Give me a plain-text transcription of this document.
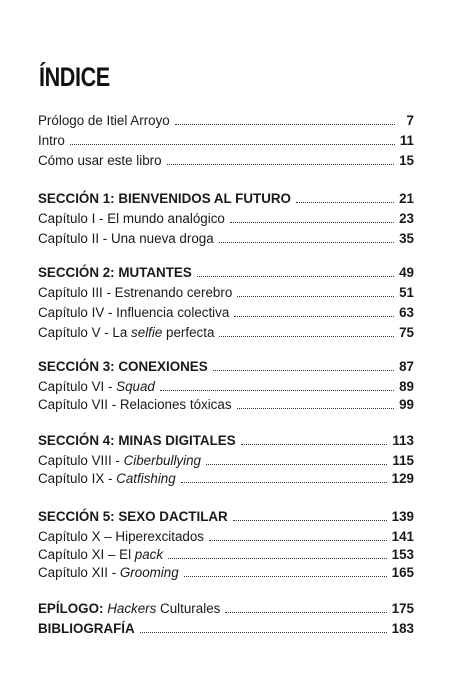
ÍNDICE
Prólogo de Itiel Arroyo	7
Intro	11
Cómo usar este libro	15
SECCIÓN 1: BIENVENIDOS AL FUTURO	21
Capítulo I - El mundo analógico	23
Capítulo II - Una nueva droga	35
SECCIÓN 2: MUTANTES	49
Capítulo III - Estrenando cerebro	51
Capítulo IV - Influencia colectiva	63
Capítulo V - La selfie perfecta	75
SECCIÓN 3: CONEXIONES	87
Capítulo VI - Squad	89
Capítulo VII - Relaciones tóxicas	99
SECCIÓN 4: MINAS DIGITALES	113
Capítulo VIII - Ciberbullying	115
Capítulo IX - Catfishing	129
SECCIÓN 5: SEXO DACTILAR	139
Capítulo X – Hiperexcitados	141
Capítulo XI – El pack	153
Capítulo XII - Grooming	165
EPÍLOGO: Hackers Culturales	175
BIBLIOGRAFÍA	183
